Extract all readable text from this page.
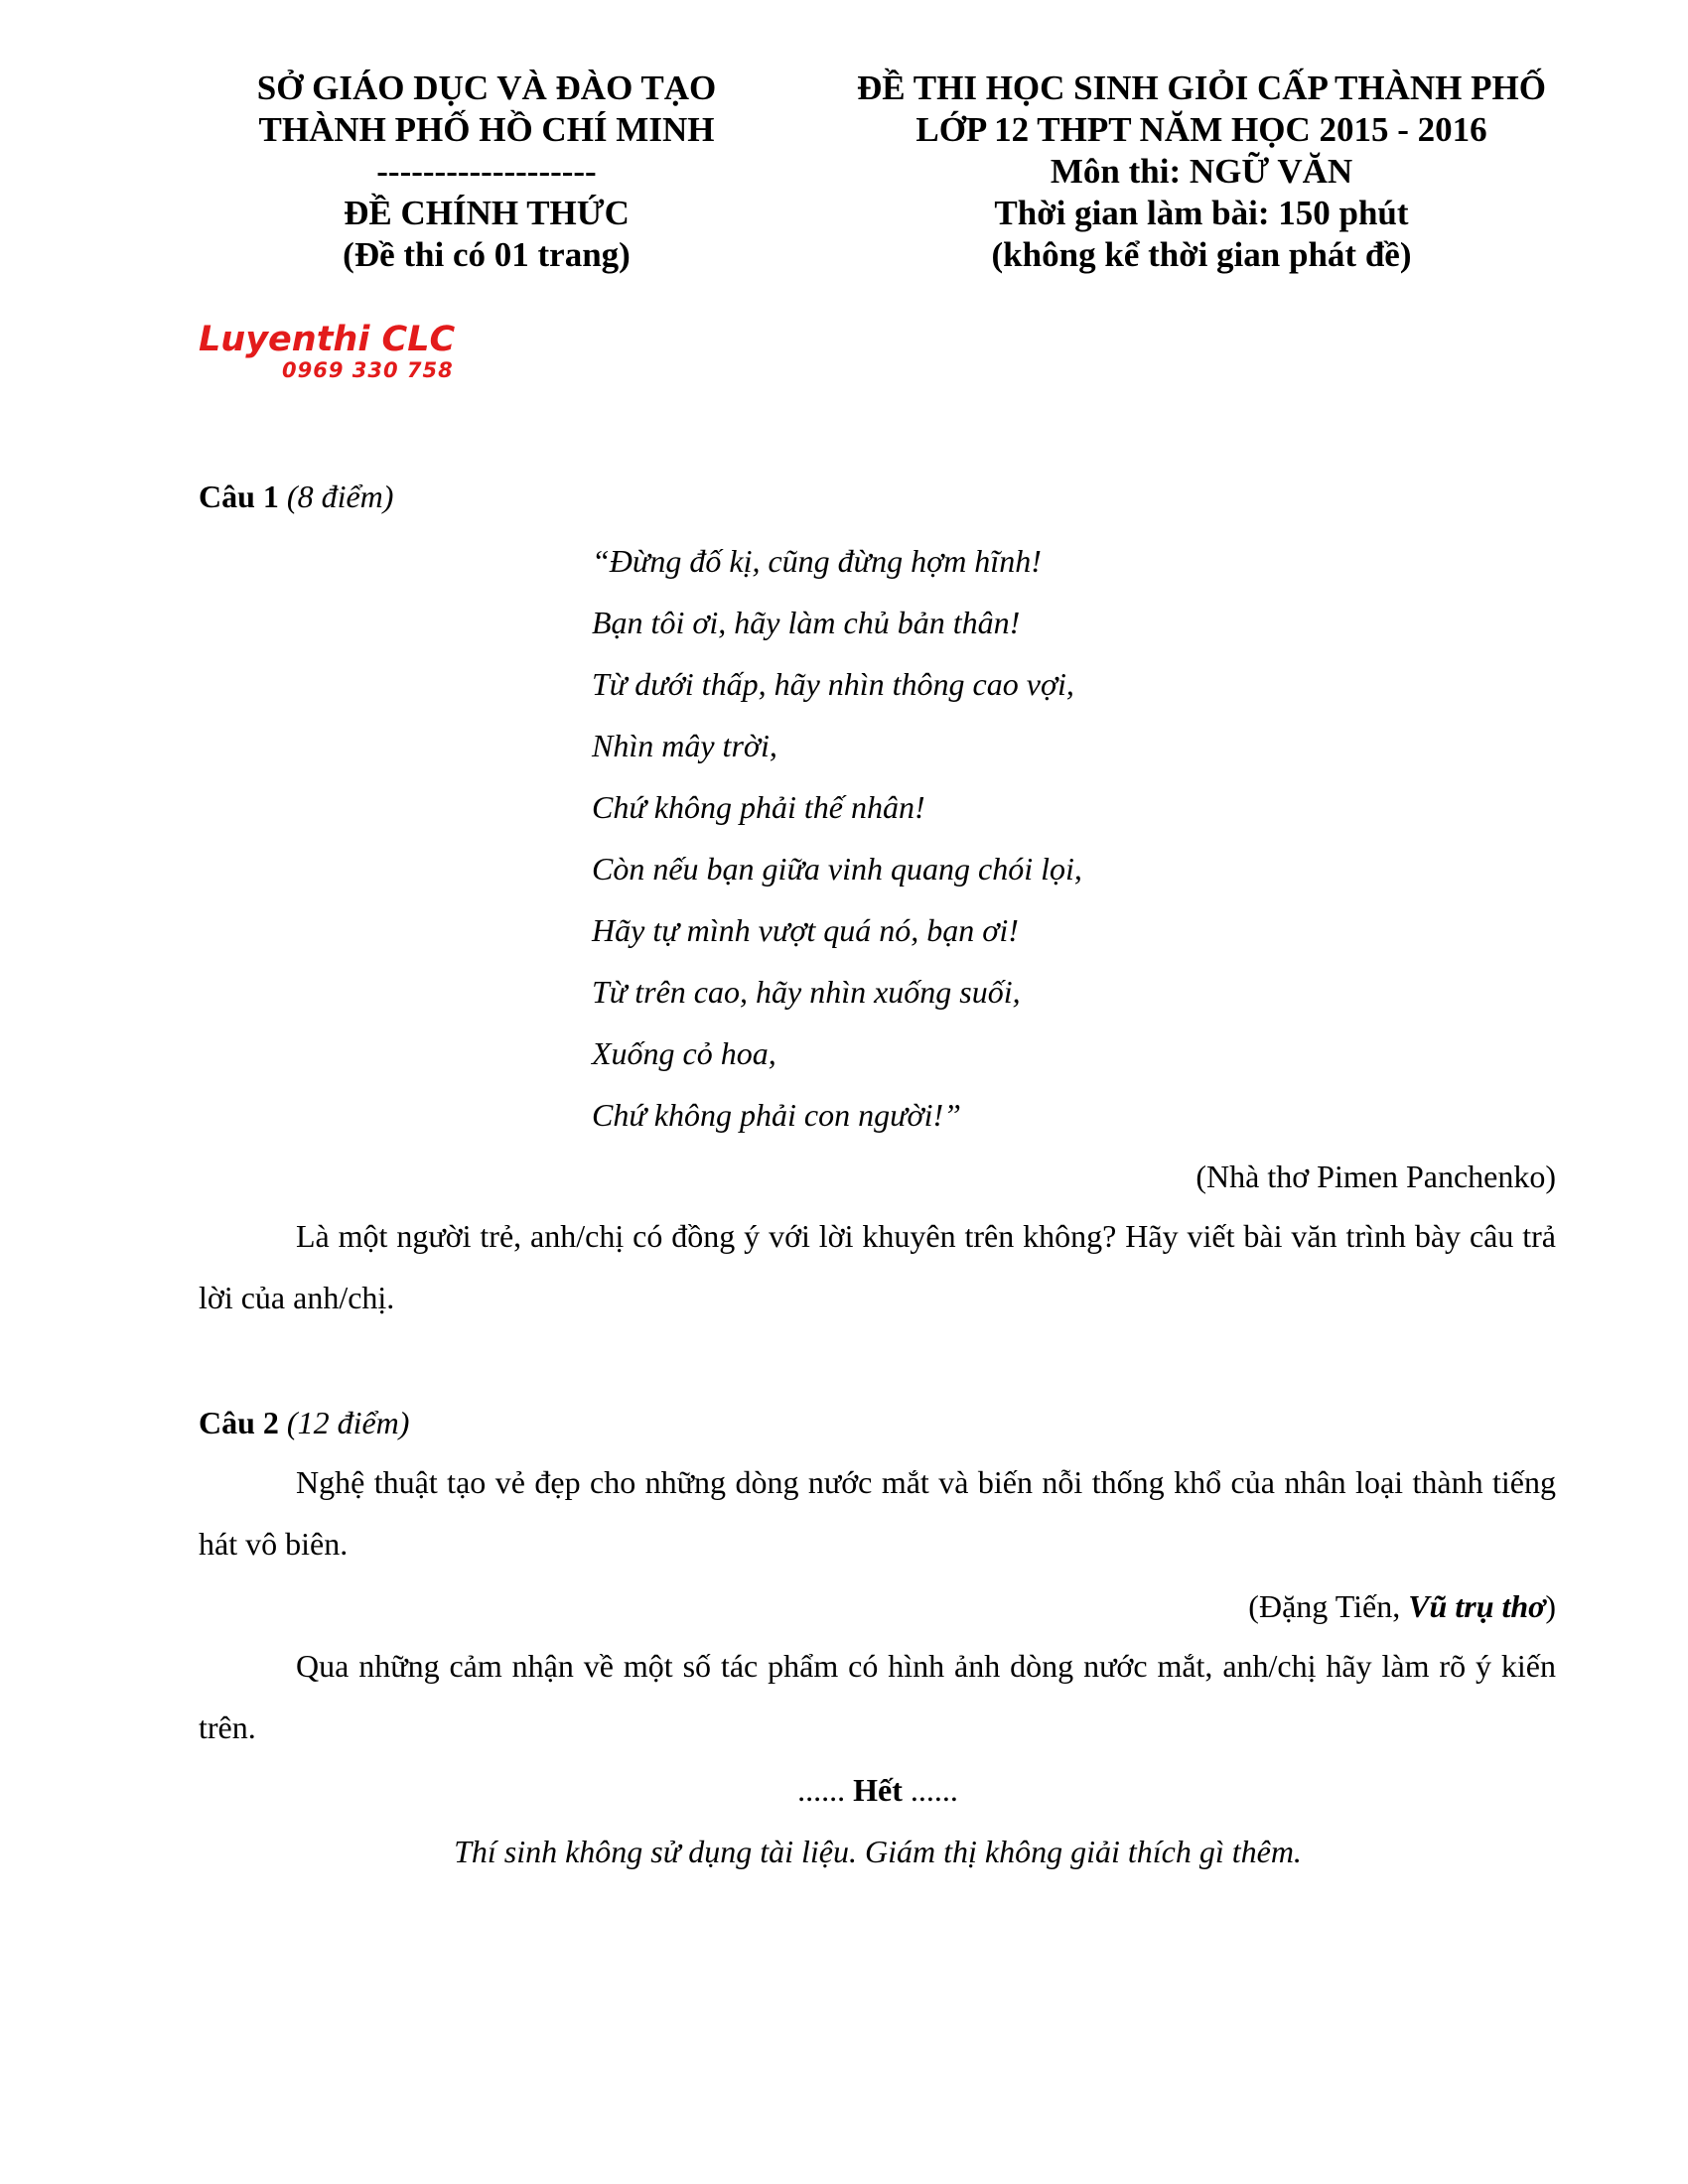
SỞ GIÁO DỤC VÀ ĐÀO TẠO
THÀNH PHỐ HỒ CHÍ MINH
-------------------
ĐỀ CHÍNH THỨC
(Đề thi có 01 trang)
ĐỀ THI HỌC SINH GIỎI CẤP THÀNH PHỐ
LỚP 12 THPT NĂM HỌC 2015 - 2016
Môn thi: NGỮ VĂN
Thời gian làm bài: 150 phút
(không kể thời gian phát đề)
Luyenthi CLC
0969 330 758
Câu 1 (8 điểm)
“Đừng đố kị, cũng đừng hợm hĩnh!
Bạn tôi ơi, hãy làm chủ bản thân!
Từ dưới thấp, hãy nhìn thông cao vợi,
Nhìn mây trời,
Chứ không phải thế nhân!
Còn nếu bạn giữa vinh quang chói lọi,
Hãy tự mình vượt quá nó, bạn ơi!
Từ trên cao, hãy nhìn xuống suối,
Xuống cỏ hoa,
Chứ không phải con người!”
(Nhà thơ Pimen Panchenko)

Là một người trẻ, anh/chị có đồng ý với lời khuyên trên không? Hãy viết bài văn trình bày câu trả lời của anh/chị.

Câu 2 (12 điểm)

Nghệ thuật tạo vẻ đẹp cho những dòng nước mắt và biến nỗi thống khổ của nhân loại thành tiếng hát vô biên.

(Đặng Tiến, Vũ trụ thơ)

Qua những cảm nhận về một số tác phẩm có hình ảnh dòng nước mắt, anh/chị hãy làm rõ ý kiến trên.

...... Hết ......
Thí sinh không sử dụng tài liệu. Giám thị không giải thích gì thêm.
